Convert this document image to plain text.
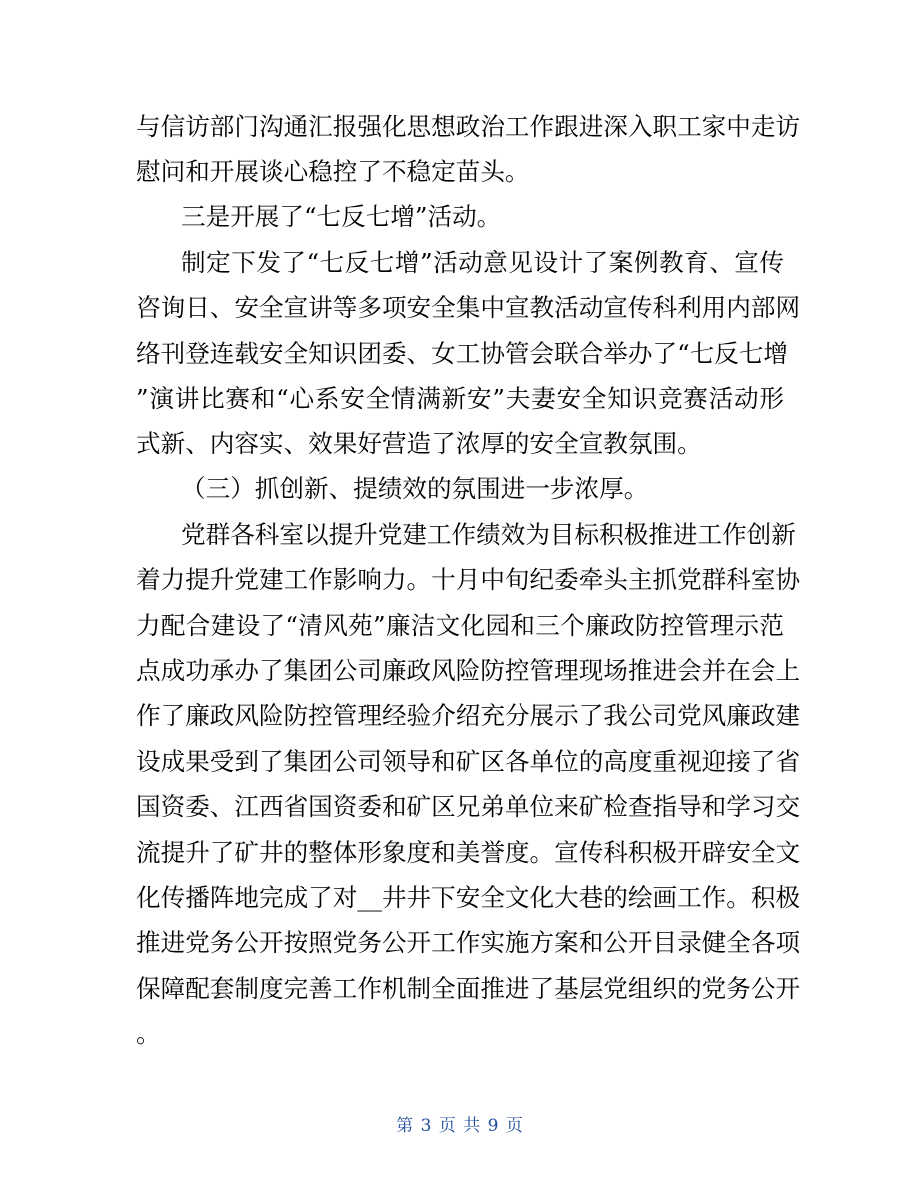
与信访部门沟通汇报强化思想政治工作跟进深入职工家中走访
慰问和开展谈心稳控了不稳定苗头。
三是开展了“七反七增”活动。
制定下发了“七反七增”活动意见设计了案例教育、宣传
咨询日、安全宣讲等多项安全集中宣教活动宣传科利用内部网
络刊登连载安全知识团委、女工协管会联合举办了“七反七增
”演讲比赛和“心系安全情满新安”夫妻安全知识竞赛活动形
式新、内容实、效果好营造了浓厚的安全宣教氛围。
（三）抓创新、提绩效的氛围进一步浓厚。
党群各科室以提升党建工作绩效为目标积极推进工作创新
着力提升党建工作影响力。十月中旬纪委牵头主抓党群科室协
力配合建设了“清风苑”廉洁文化园和三个廉政防控管理示范
点成功承办了集团公司廉政风险防控管理现场推进会并在会上
作了廉政风险防控管理经验介绍充分展示了我公司党风廉政建
设成果受到了集团公司领导和矿区各单位的高度重视迎接了省
国资委、江西省国资委和矿区兄弟单位来矿检查指导和学习交
流提升了矿井的整体形象度和美誉度。宣传科积极开辟安全文
化传播阵地完成了对__井井下安全文化大巷的绘画工作。积极
推进党务公开按照党务公开工作实施方案和公开目录健全各项
保障配套制度完善工作机制全面推进了基层党组织的党务公开
。
第 3 页 共 9 页
